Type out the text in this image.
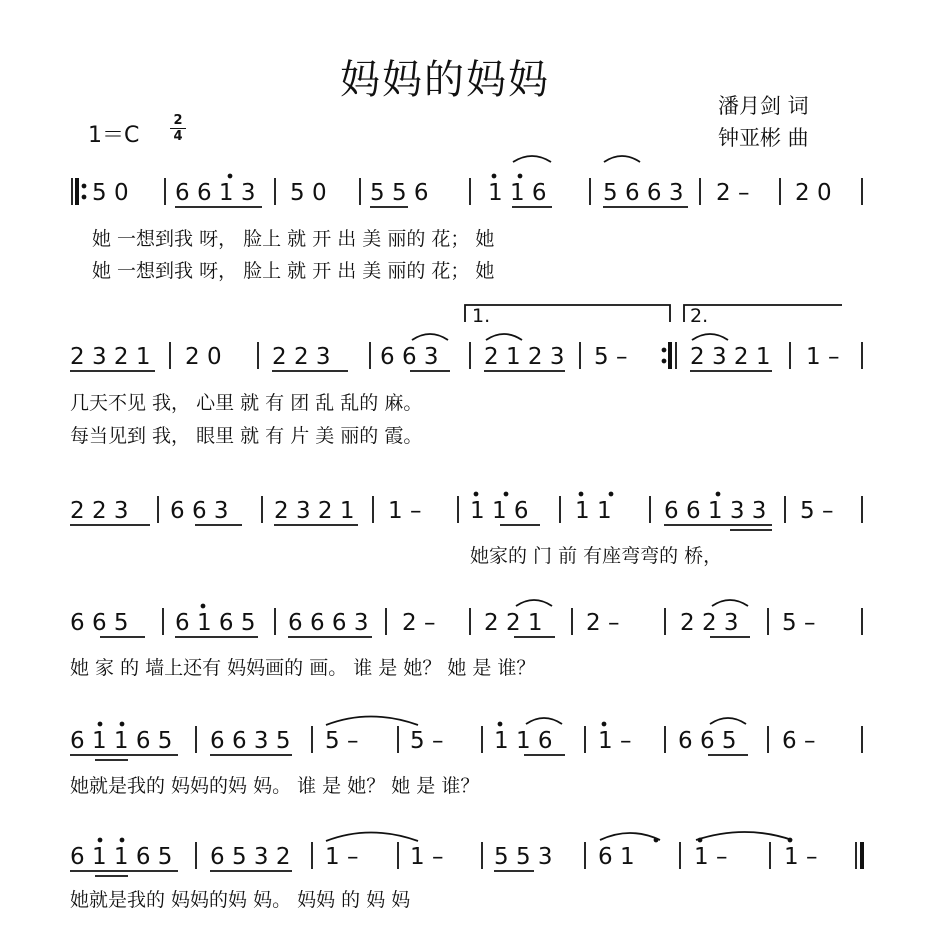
妈妈的妈妈
1＝C
2
4
潘月剑 词
钟亚彬 曲
5 0 6 6 1 3 5 0 5 5 6	1 1 6 5 6 6 3 2 – 2 0
她 一想到我 呀， 脸上 就 开 出 美 丽的 花； 她
她 一想到我 呀， 脸上 就 开 出 美 丽的 花； 她
1.	2.
2 3 2 1 2 0 2 2 3 6 6 3 2 1 2 3 5 –	2 3 2 1 1 –
几天不见 我， 心里 就 有 团 乱 乱的 麻。
每当见到 我， 眼里 就 有 片 美 丽的 霞。
2 2 3 6 6 3 2 3 2 1 1 – 1 1 6 1 1 6 6 1 3 3 5 –
她家的 门 前 有座弯弯的 桥，
6 6 5 6 1 6 5 6 6 6 3 2 – 2 2 1 2 –	2 2 3 5 –
她 家 的 墙上还有 妈妈画的 画。 谁 是 她？ 她 是 谁？
6 1 1 6 5 6 6 3 5 5 – 5 – 1 1 6 1 – 6 6 5 6 –
她就是我的 妈妈的妈 妈。 谁 是 她？ 她 是 谁？
6 1 1 6 5 6 5 3 2 1 – 1 – 5 5 3 6 1	1 – 1 –
她就是我的 妈妈的妈 妈。 妈妈 的 妈 妈
